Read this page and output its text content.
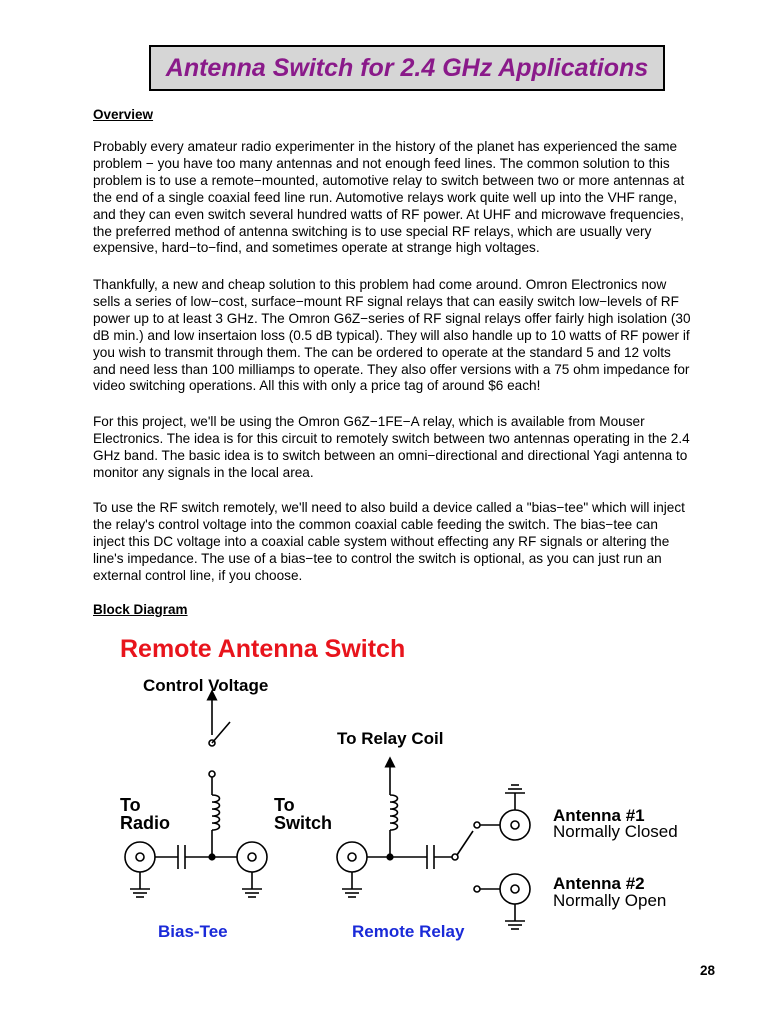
Antenna Switch for 2.4 GHz Applications
Overview
Probably every amateur radio experimenter in the history of the planet has experienced the same
problem − you have too many antennas and not enough feed lines. The common solution to this
problem is to use a remote−mounted, automotive relay to switch between two or more antennas at
the end of a single coaxial feed line run. Automotive relays work quite well up into the VHF range,
and they can even switch several hundred watts of RF power. At UHF and microwave frequencies,
the preferred method of antenna switching is to use special RF relays, which are usually very
expensive, hard−to−find, and sometimes operate at strange high voltages.
Thankfully, a new and cheap solution to this problem had come around. Omron Electronics now
sells a series of low−cost, surface−mount RF signal relays that can easily switch low−levels of RF
power up to at least 3 GHz. The Omron G6Z−series of RF signal relays offer fairly high isolation (30
dB min.) and low insertaion loss (0.5 dB typical). They will also handle up to 10 watts of RF power if
you wish to transmit through them. The can be ordered to operate at the standard 5 and 12 volts
and need less than 100 milliamps to operate. They also offer versions with a 75 ohm impedance for
video switching operations. All this with only a price tag of around $6 each!
For this project, we'll be using the Omron G6Z−1FE−A relay, which is available from Mouser
Electronics. The idea is for this circuit to remotely switch between two antennas operating in the 2.4
GHz band. The basic idea is to switch between an omni−directional and directional Yagi antenna to
monitor any signals in the local area.
To use the RF switch remotely, we'll need to also build a device called a "bias−tee" which will inject
the relay's control voltage into the common coaxial cable feeding the switch. The bias−tee can
inject this DC voltage into a coaxial cable system without effecting any RF signals or altering the
line's impedance. The use of a bias−tee to control the switch is optional, as you can just run an
external control line, if you choose.
Block Diagram
Remote Antenna Switch
Control Voltage
To Relay Coil
To
Radio
To
Switch	Antenna #1
Normally Closed
Antenna #2
Normally Open
Bias-Tee	Remote Relay
28
